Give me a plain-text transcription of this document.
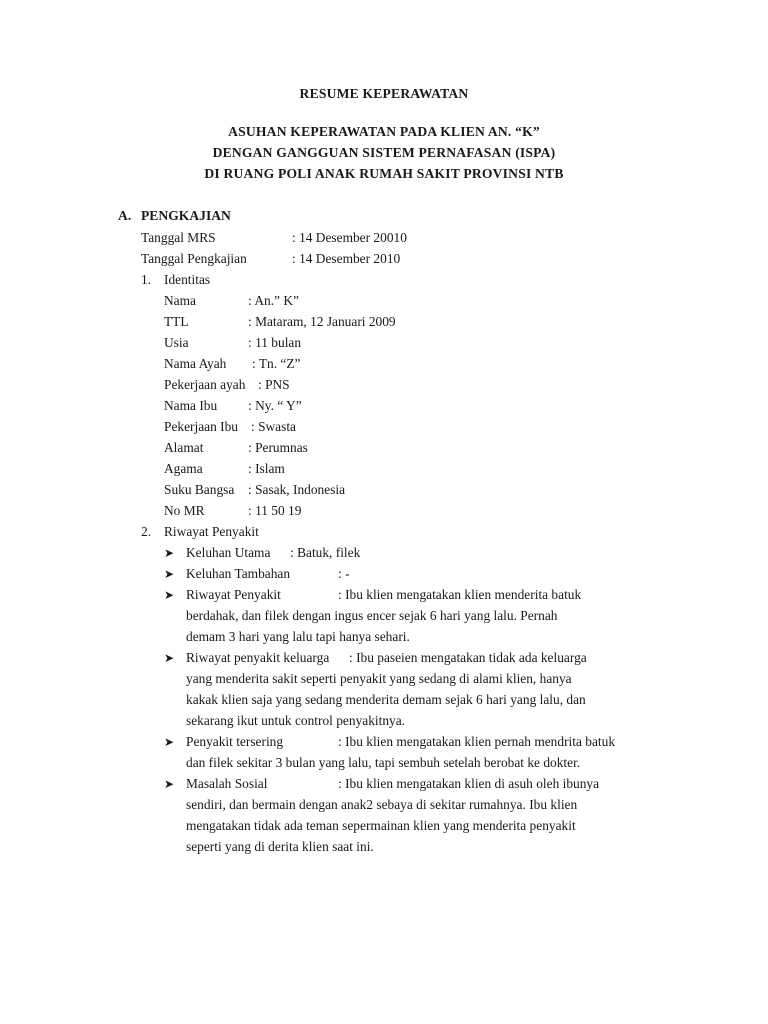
RESUME KEPERAWATAN
ASUHAN KEPERAWATAN PADA KLIEN AN. “K”
DENGAN GANGGUAN SISTEM PERNAFASAN (ISPA)
DI RUANG POLI ANAK RUMAH SAKIT PROVINSI NTB
A. PENGKAJIAN
Tanggal MRS	: 14 Desember 20010
Tanggal Pengkajian	: 14 Desember 2010
1. Identitas
Nama	: An.” K”
TTL	: Mataram, 12 Januari 2009
Usia	: 11 bulan
Nama Ayah : Tn. “Z”
Pekerjaan ayah : PNS
Nama Ibu : Ny. “ Y”
Pekerjaan Ibu : Swasta
Alamat	: Perumnas
Agama	: Islam
Suku Bangsa : Sasak, Indonesia
No MR	: 11 50 19
2. Riwayat Penyakit
➤ Keluhan Utama : Batuk, filek
➤ Keluhan Tambahan	: -
➤ Riwayat Penyakit	: Ibu klien mengatakan klien menderita batuk
berdahak, dan filek dengan ingus encer sejak 6 hari yang lalu. Pernah
demam 3 hari yang lalu tapi hanya sehari.
➤ Riwayat penyakit keluarga : Ibu paseien mengatakan tidak ada keluarga
yang menderita sakit seperti penyakit yang sedang di alami klien, hanya
kakak klien saja yang sedang menderita demam sejak 6 hari yang lalu, dan
sekarang ikut untuk control penyakitnya.
➤ Penyakit tersering	: Ibu klien mengatakan klien pernah mendrita batuk
dan filek sekitar 3 bulan yang lalu, tapi sembuh setelah berobat ke dokter.
➤ Masalah Sosial	: Ibu klien mengatakan klien di asuh oleh ibunya
sendiri, dan bermain dengan anak2 sebaya di sekitar rumahnya. Ibu klien
mengatakan tidak ada teman sepermainan klien yang menderita penyakit
seperti yang di derita klien saat ini.
